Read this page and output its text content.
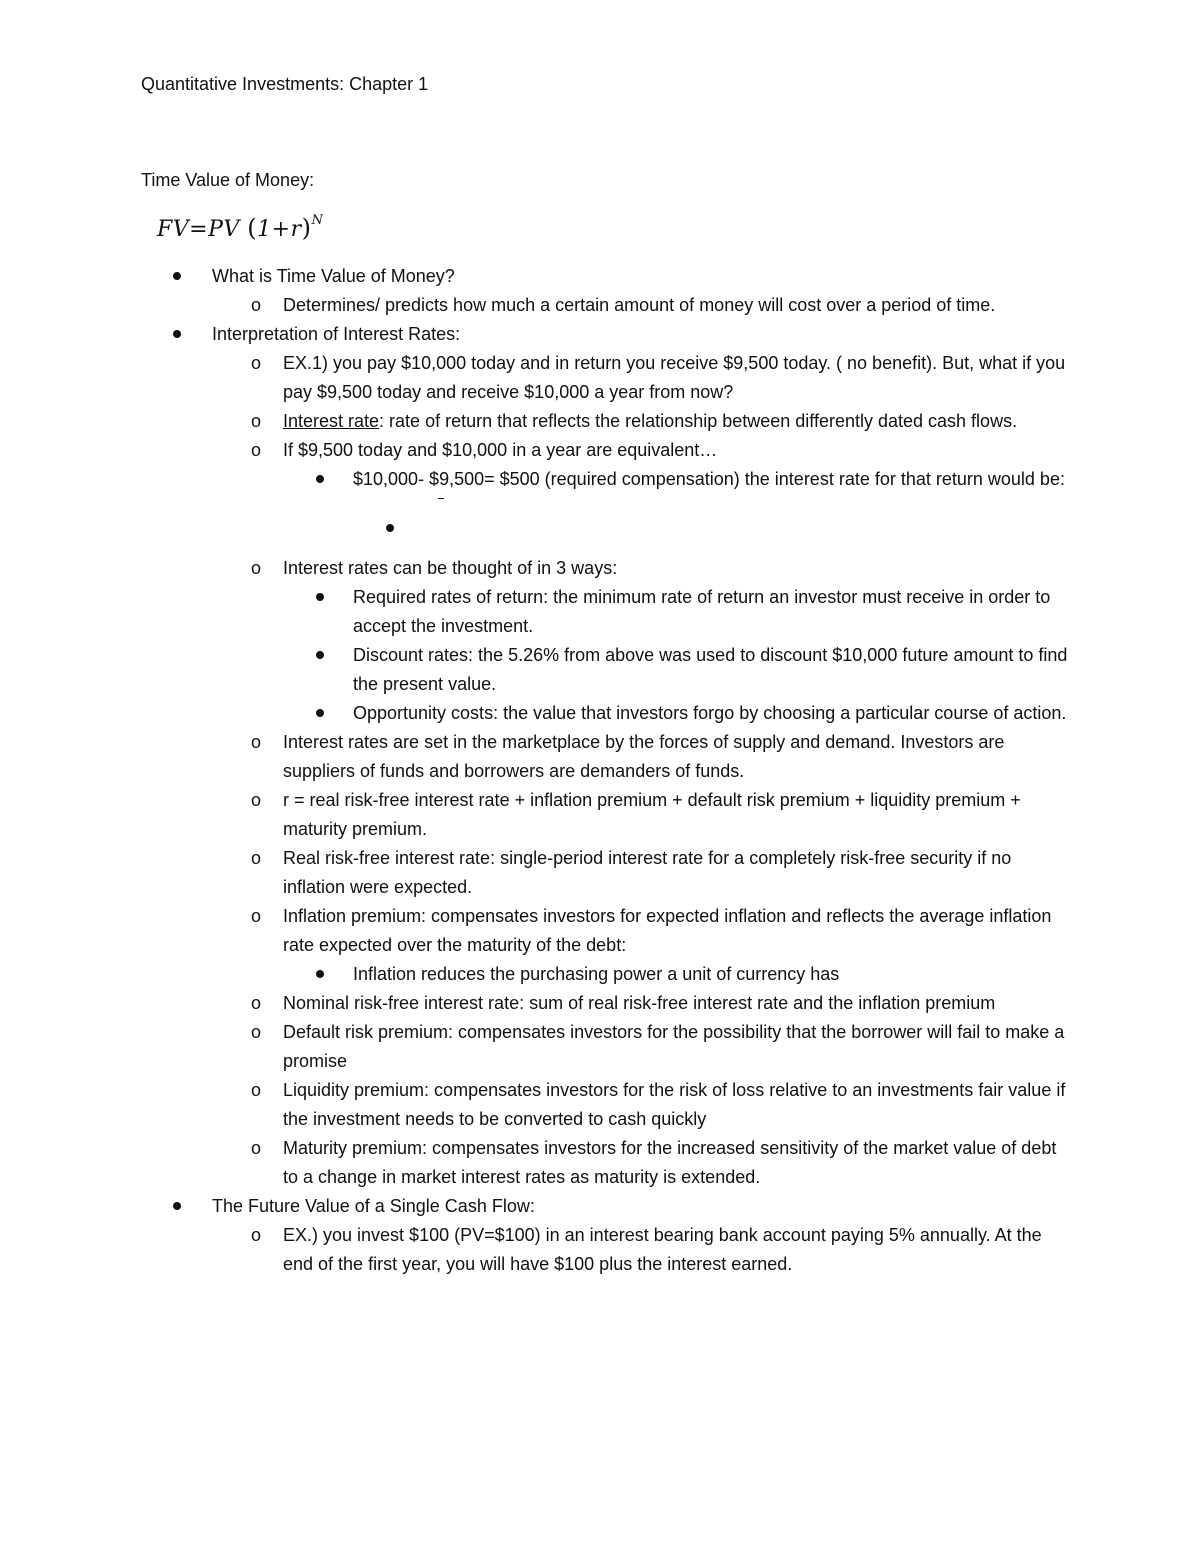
Quantitative Investments: Chapter 1
Time Value of Money:
FV=PV $(1+r)^N$
What is Time Value of Money?
o Determines/ predicts how much a certain amount of money will cost over a period of time.
Interpretation of Interest Rates:
o EX.1) you pay $10,000 today and in return you receive $9,500 today. ( no benefit). But, what if you pay $9,500 today and receive $10,000 a year from now?
o Interest rate: rate of return that reflects the relationship between differently dated cash flows.
o If $9,500 today and $10,000 in a year are equivalent…
$10,000- $9,500= $500 (required compensation) the interest rate for that return would be:
o Interest rates can be thought of in 3 ways:
Required rates of return: the minimum rate of return an investor must receive in order to accept the investment.
Discount rates: the 5.26% from above was used to discount $10,000 future amount to find the present value.
Opportunity costs: the value that investors forgo by choosing a particular course of action.
o Interest rates are set in the marketplace by the forces of supply and demand. Investors are suppliers of funds and borrowers are demanders of funds.
o r = real risk-free interest rate + inflation premium + default risk premium + liquidity premium + maturity premium.
o Real risk-free interest rate: single-period interest rate for a completely risk-free security if no inflation were expected.
o Inflation premium: compensates investors for expected inflation and reflects the average inflation rate expected over the maturity of the debt:
Inflation reduces the purchasing power a unit of currency has
o Nominal risk-free interest rate: sum of real risk-free interest rate and the inflation premium
o Default risk premium: compensates investors for the possibility that the borrower will fail to make a promise
o Liquidity premium: compensates investors for the risk of loss relative to an investments fair value if the investment needs to be converted to cash quickly
o Maturity premium: compensates investors for the increased sensitivity of the market value of debt to a change in market interest rates as maturity is extended.
The Future Value of a Single Cash Flow:
o EX.) you invest $100 (PV=$100) in an interest bearing bank account paying 5% annually. At the end of the first year, you will have $100 plus the interest earned.
